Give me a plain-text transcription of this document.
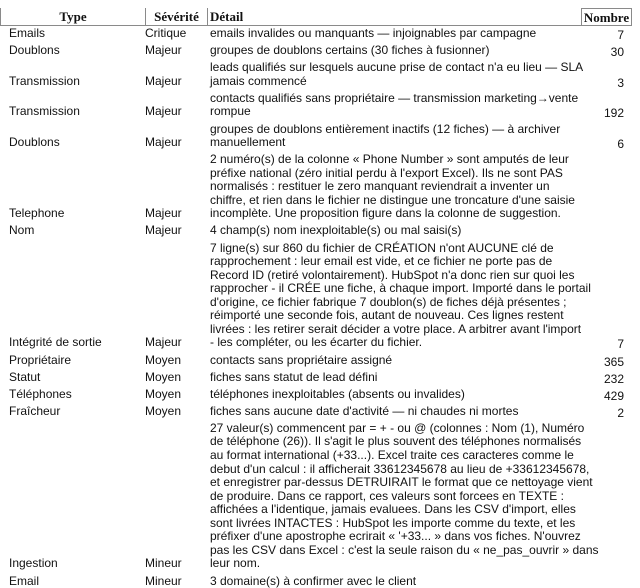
Type	Sévérité Détail	Nombre
Emails	Critique emails invalides ou manquants — injoignables par campagne	7
Doublons	Majeur groupes de doublons certains (30 fiches à fusionner)	30
Transmission	Majeur
leads qualifiés sur lesquels aucune prise de contact n'a eu lieu — SLA
jamais commencé	3
Transmission	Majeur
contacts qualifiés sans propriétaire — transmission marketing→vente
rompue	192
Doublons	Majeur
groupes de doublons entièrement inactifs (12 fiches) — à archiver
manuellement	6
Telephone	Majeur
2 numéro(s) de la colonne « Phone Number » sont amputés de leur
préfixe national (zéro initial perdu à l'export Excel). Ils ne sont PAS
normalisés : restituer le zero manquant reviendrait a inventer un
chiffre, et rien dans le fichier ne distingue une troncature d'une saisie
incomplète. Une proposition figure dans la colonne de suggestion.
Nom	Majeur 4 champ(s) nom inexploitable(s) ou mal saisi(s)
Intégrité de sortie	Majeur
7 ligne(s) sur 860 du fichier de CRÉATION n'ont AUCUNE clé de
rapprochement : leur email est vide, et ce fichier ne porte pas de
Record ID (retiré volontairement). HubSpot n'a donc rien sur quoi les
rapprocher - il CRÉE une fiche, à chaque import. Importé dans le portail
d'origine, ce fichier fabrique 7 doublon(s) de fiches déjà présentes ;
réimporté une seconde fois, autant de nouveau. Ces lignes restent
livrées : les retirer serait décider a votre place. A arbitrer avant l'import
- les compléter, ou les écarter du fichier.	7
Propriétaire	Moyen contacts sans propriétaire assigné	365
Statut	Moyen fiches sans statut de lead défini	232
Téléphones	Moyen téléphones inexploitables (absents ou invalides)	429
Fraîcheur	Moyen fiches sans aucune date d'activité — ni chaudes ni mortes	2
Ingestion	Mineur
27 valeur(s) commencent par = + - ou @ (colonnes : Nom (1), Numéro
de téléphone (26)). Il s'agit le plus souvent des téléphones normalisés
au format international (+33...). Excel traite ces caracteres comme le
debut d'un calcul : il afficherait 33612345678 au lieu de +33612345678,
et enregistrer par-dessus DETRUIRAIT le format que ce nettoyage vient
de produire. Dans ce rapport, ces valeurs sont forcees en TEXTE :
affichées a l'identique, jamais evaluees. Dans les CSV d'import, elles
sont livrées INTACTES : HubSpot les importe comme du texte, et les
préfixer d'une apostrophe ecrirait « '+33... » dans vos fiches. N'ouvrez
pas les CSV dans Excel : c'est la seule raison du « ne_pas_ouvrir » dans
leur nom.
Email	Mineur 3 domaine(s) à confirmer avec le client
